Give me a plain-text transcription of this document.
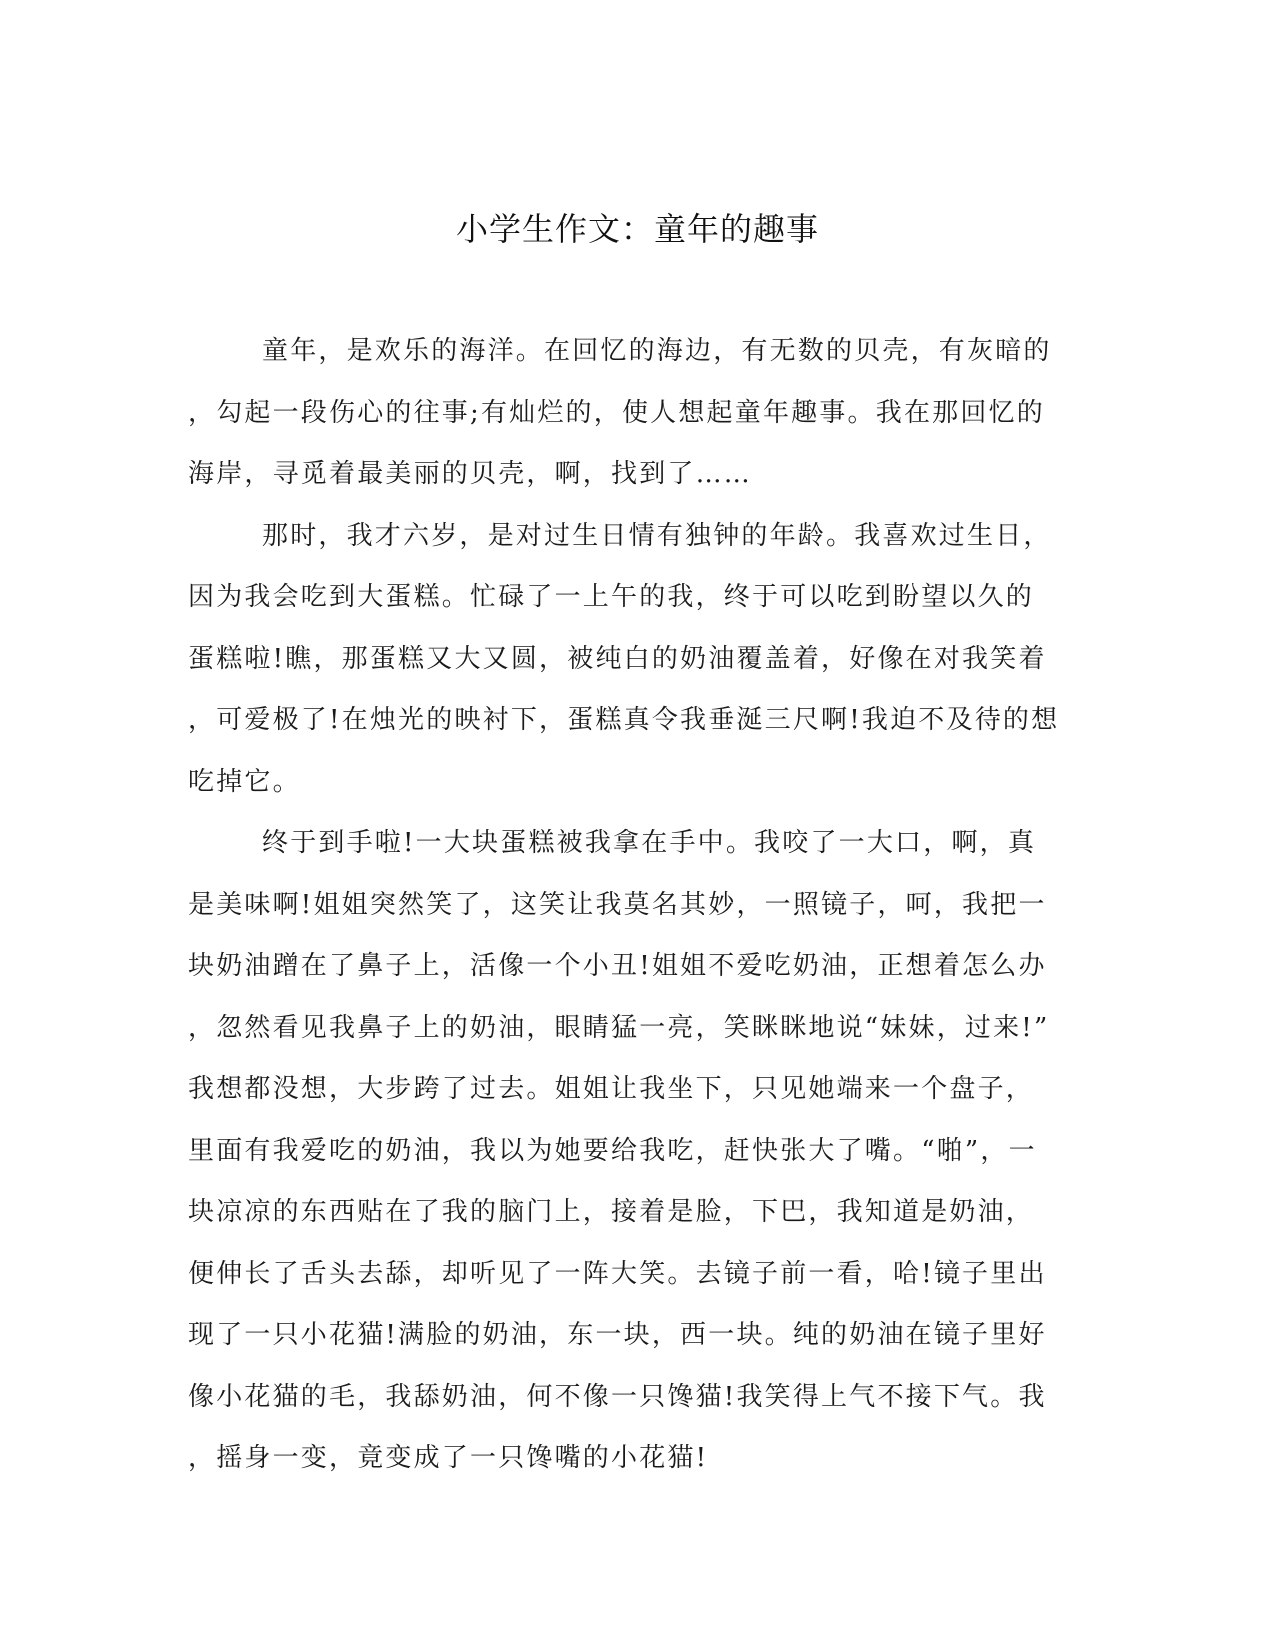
小学生作文：童年的趣事
童年，是欢乐的海洋。在回忆的海边，有无数的贝壳，有灰暗的
，勾起一段伤心的往事;有灿烂的，使人想起童年趣事。我在那回忆的
海岸，寻觅着最美丽的贝壳，啊，找到了……
那时，我才六岁，是对过生日情有独钟的年龄。我喜欢过生日，
因为我会吃到大蛋糕。忙碌了一上午的我，终于可以吃到盼望以久的
蛋糕啦!瞧，那蛋糕又大又圆，被纯白的奶油覆盖着，好像在对我笑着
，可爱极了!在烛光的映衬下，蛋糕真令我垂涎三尺啊!我迫不及待的想
吃掉它。
终于到手啦!一大块蛋糕被我拿在手中。我咬了一大口，啊，真
是美味啊!姐姐突然笑了，这笑让我莫名其妙，一照镜子，呵，我把一
块奶油蹭在了鼻子上，活像一个小丑!姐姐不爱吃奶油，正想着怎么办
，忽然看见我鼻子上的奶油，眼睛猛一亮，笑眯眯地说“妹妹，过来!”
我想都没想，大步跨了过去。姐姐让我坐下，只见她端来一个盘子，
里面有我爱吃的奶油，我以为她要给我吃，赶快张大了嘴。“啪”，一
块凉凉的东西贴在了我的脑门上，接着是脸，下巴，我知道是奶油，
便伸长了舌头去舔，却听见了一阵大笑。去镜子前一看，哈!镜子里出
现了一只小花猫!满脸的奶油，东一块，西一块。纯的奶油在镜子里好
像小花猫的毛，我舔奶油，何不像一只馋猫!我笑得上气不接下气。我
，摇身一变，竟变成了一只馋嘴的小花猫!
